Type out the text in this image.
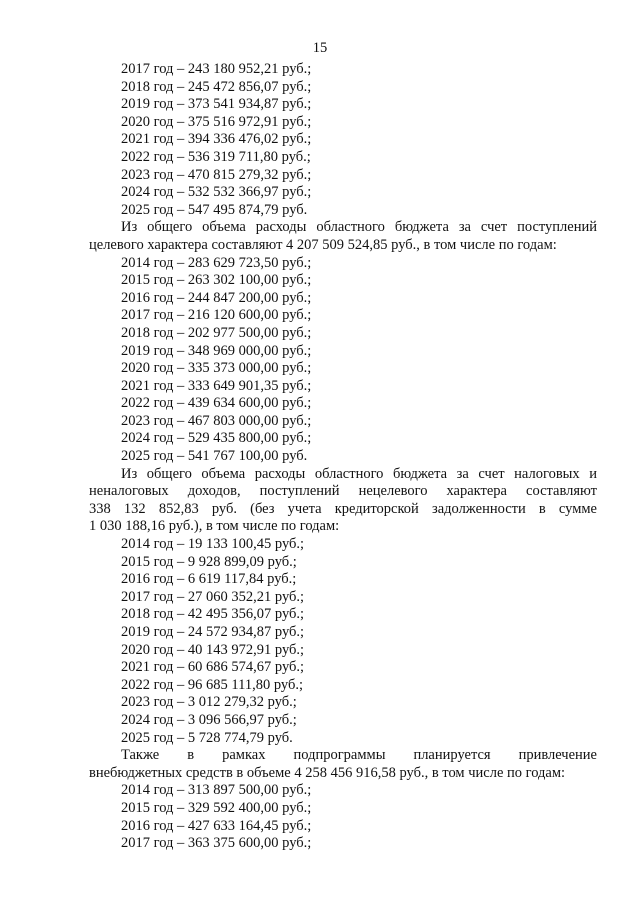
15
2017 год – 243 180 952,21 руб.;
2018 год – 245 472 856,07 руб.;
2019 год – 373 541 934,87 руб.;
2020 год – 375 516 972,91 руб.;
2021 год – 394 336 476,02 руб.;
2022 год – 536 319 711,80 руб.;
2023 год – 470 815 279,32 руб.;
2024 год – 532 532 366,97 руб.;
2025 год – 547 495 874,79 руб.
Из общего объема расходы областного бюджета за счет поступлений
целевого характера составляют 4 207 509 524,85 руб., в том числе по годам:
2014 год – 283 629 723,50 руб.;
2015 год – 263 302 100,00 руб.;
2016 год – 244 847 200,00 руб.;
2017 год – 216 120 600,00 руб.;
2018 год – 202 977 500,00 руб.;
2019 год – 348 969 000,00 руб.;
2020 год – 335 373 000,00 руб.;
2021 год – 333 649 901,35 руб.;
2022 год – 439 634 600,00 руб.;
2023 год – 467 803 000,00 руб.;
2024 год – 529 435 800,00 руб.;
2025 год – 541 767 100,00 руб.
Из общего объема расходы областного бюджета за счет налоговых и
неналоговых доходов, поступлений нецелевого характера составляют
338 132 852,83 руб. (без учета кредиторской задолженности в сумме
1 030 188,16 руб.), в том числе по годам:
2014 год – 19 133 100,45 руб.;
2015 год – 9 928 899,09 руб.;
2016 год – 6 619 117,84 руб.;
2017 год – 27 060 352,21 руб.;
2018 год – 42 495 356,07 руб.;
2019 год – 24 572 934,87 руб.;
2020 год – 40 143 972,91 руб.;
2021 год – 60 686 574,67 руб.;
2022 год – 96 685 111,80 руб.;
2023 год – 3 012 279,32 руб.;
2024 год – 3 096 566,97 руб.;
2025 год – 5 728 774,79 руб.
Также в рамках подпрограммы планируется привлечение
внебюджетных средств в объеме 4 258 456 916,58 руб., в том числе по годам:
2014 год – 313 897 500,00 руб.;
2015 год – 329 592 400,00 руб.;
2016 год – 427 633 164,45 руб.;
2017 год – 363 375 600,00 руб.;
